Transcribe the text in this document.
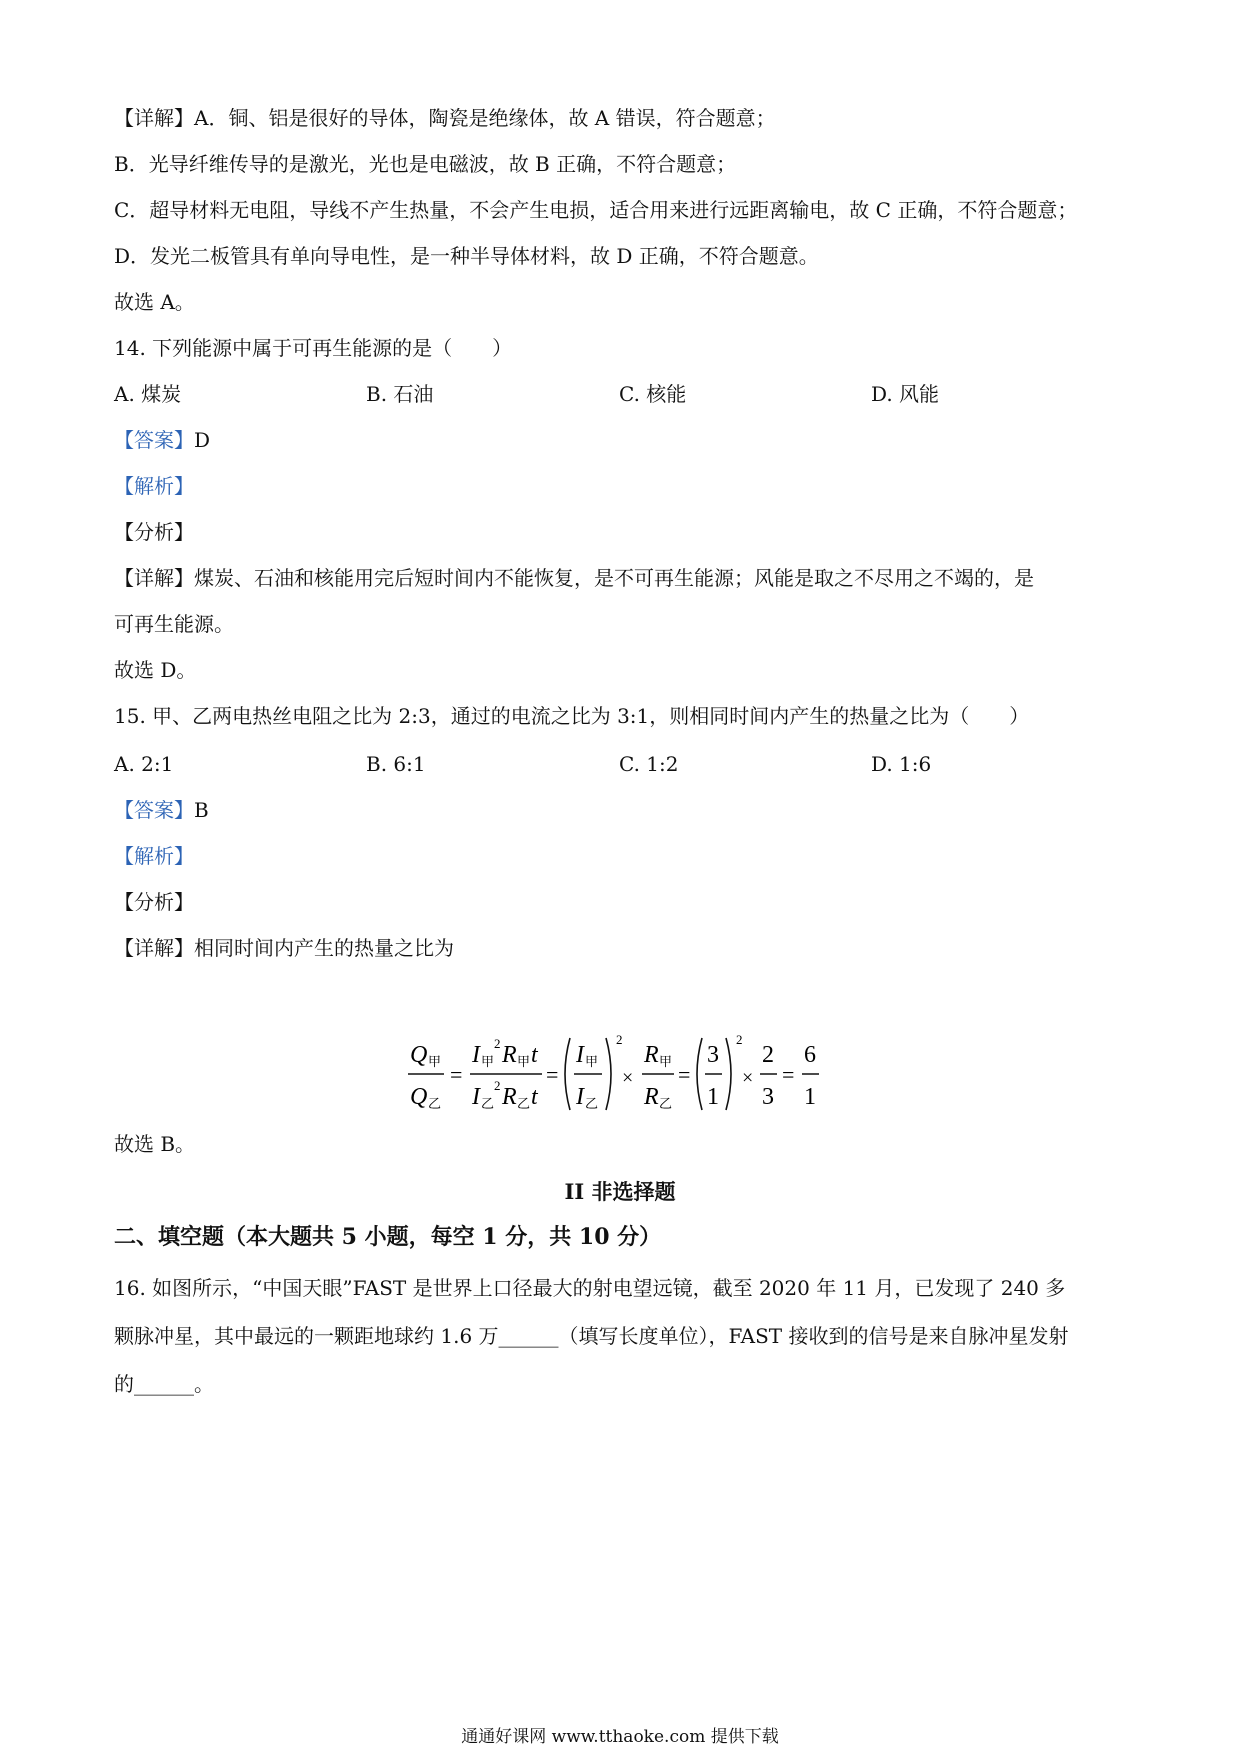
【详解】A．铜、铝是很好的导体，陶瓷是绝缘体，故 A 错误，符合题意；
B．光导纤维传导的是激光，光也是电磁波，故 B 正确，不符合题意；
C．超导材料无电阻，导线不产生热量，不会产生电损，适合用来进行远距离输电，故 C 正确，不符合题意；
D．发光二板管具有单向导电性，是一种半导体材料，故 D 正确，不符合题意。
故选 A。
14. 下列能源中属于可再生能源的是（　　）
A. 煤炭	B. 石油	C. 核能	D. 风能
【答案】D
【解析】
【分析】
【详解】煤炭、石油和核能用完后短时间内不能恢复，是不可再生能源；风能是取之不尽用之不竭的，是
可再生能源。
故选 D。
15. 甲、乙两电热丝电阻之比为 2:3，通过的电流之比为 3:1，则相同时间内产生的热量之比为（　　）
A. 2:1	B. 6:1	C. 1:2	D. 1:6
【答案】B
【解析】
【分析】
【详解】相同时间内产生的热量之比为
Q 甲
Q 乙
=
I 甲
2 R 甲 t
I 乙
2 R 乙 t
=
I 甲
I 乙
2
×
R 甲
R 乙
=
3
1
2
×
2
3
=
6
1
故选 B。
II 非选择题
二、填空题（本大题共 5 小题，每空 1 分，共 10 分）
16. 如图所示，“中国天眼”FAST 是世界上口径最大的射电望远镜，截至 2020 年 11 月，已发现了 240 多
颗脉冲星，其中最远的一颗距地球约 1.6 万______（填写长度单位），FAST 接收到的信号是来自脉冲星发射
的______。
通通好课网 www.tthaoke.com 提供下载
